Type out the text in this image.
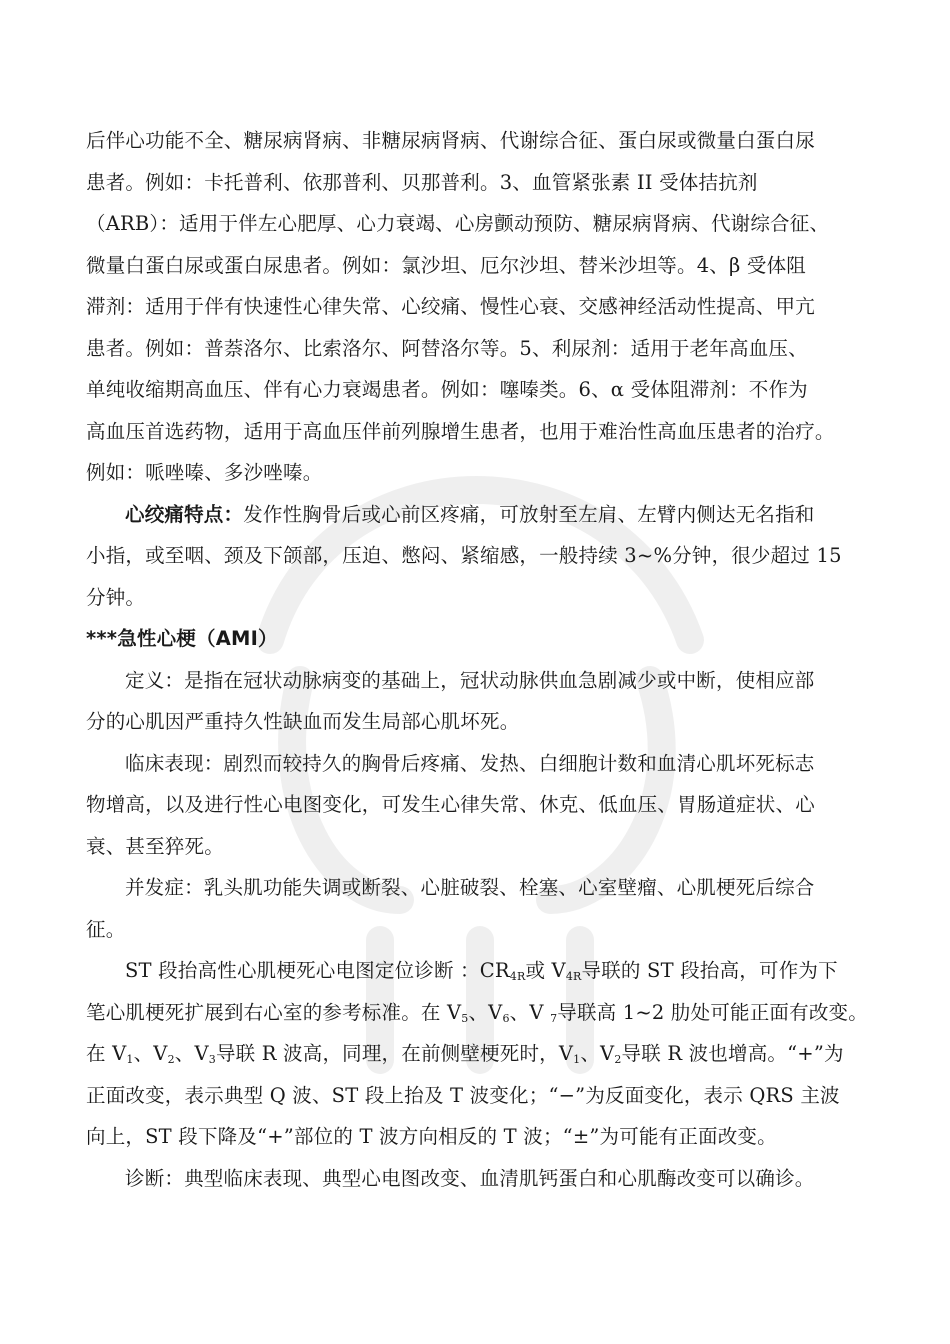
后伴心功能不全、糖尿病肾病、非糖尿病肾病、代谢综合征、蛋白尿或微量白蛋白尿
患者。例如：卡托普利、依那普利、贝那普利。3、血管紧张素 II 受体拮抗剂
（ARB）：适用于伴左心肥厚、心力衰竭、心房颤动预防、糖尿病肾病、代谢综合征、
微量白蛋白尿或蛋白尿患者。例如：氯沙坦、厄尔沙坦、替米沙坦等。4、β 受体阻
滞剂：适用于伴有快速性心律失常、心绞痛、慢性心衰、交感神经活动性提高、甲亢
患者。例如：普萘洛尔、比索洛尔、阿替洛尔等。5、利尿剂：适用于老年高血压、
单纯收缩期高血压、伴有心力衰竭患者。例如：噻嗪类。6、α 受体阻滞剂：不作为
高血压首选药物，适用于高血压伴前列腺增生患者，也用于难治性高血压患者的治疗。
例如：哌唑嗪、多沙唑嗪。
心绞痛特点：发作性胸骨后或心前区疼痛，可放射至左肩、左臂内侧达无名指和
小指，或至咽、颈及下颌部，压迫、憋闷、紧缩感，一般持续 3~%分钟，很少超过 15
分钟。
***急性心梗（AMI）
定义：是指在冠状动脉病变的基础上，冠状动脉供血急剧减少或中断，使相应部
分的心肌因严重持久性缺血而发生局部心肌坏死。
临床表现：剧烈而较持久的胸骨后疼痛、发热、白细胞计数和血清心肌坏死标志
物增高，以及进行性心电图变化，可发生心律失常、休克、低血压、胃肠道症状、心
衰、甚至猝死。
并发症：乳头肌功能失调或断裂、心脏破裂、栓塞、心室壁瘤、心肌梗死后综合
征。
ST 段抬高性心肌梗死心电图定位诊断 ：$CR_{4R}$或 $V_{4R}$导联的 ST 段抬高，可作为下
笔心肌梗死扩展到右心室的参考标准。在 $V_5$、$V_6$、V $_7$导联高 1~2 肋处可能正面有改变。
在 $V_1$、$V_2$、$V_3$导联 R 波高，同理，在前侧壁梗死时，$V_1$、$V_2$导联 R 波也增高。“+”为
正面改变，表示典型 Q 波、ST 段上抬及 T 波变化；“−”为反面变化，表示 QRS 主波
向上，ST 段下降及“+”部位的 T 波方向相反的 T 波；“±”为可能有正面改变。
诊断：典型临床表现、典型心电图改变、血清肌钙蛋白和心肌酶改变可以确诊。
